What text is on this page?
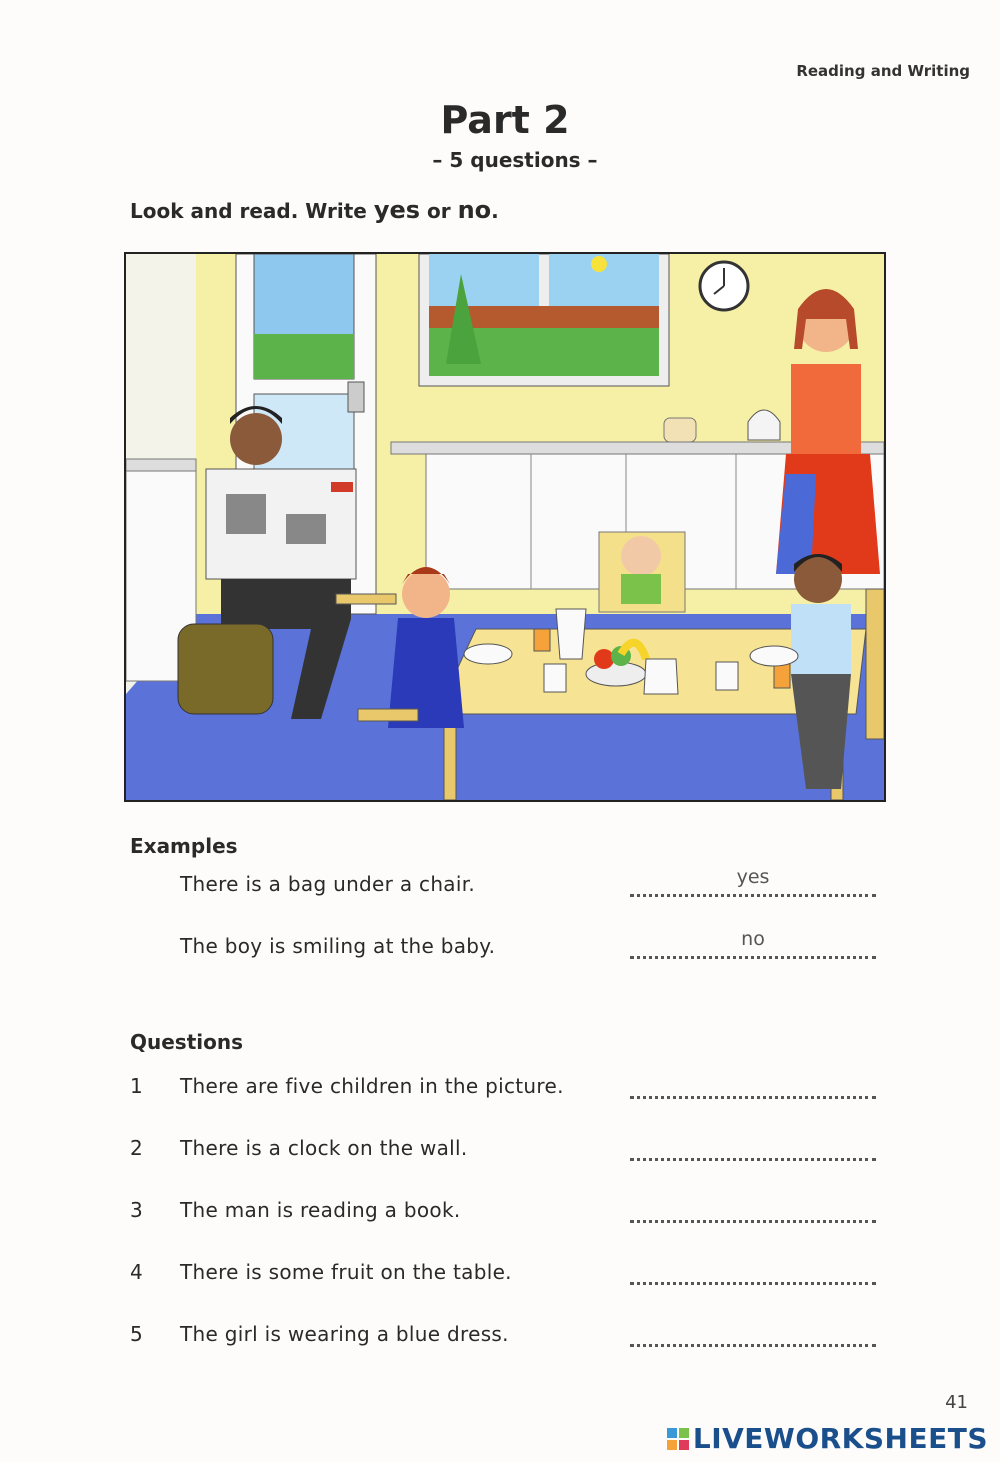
Reading and Writing
Part 2
– 5 questions –
Look and read. Write yes or no.
Examples
There is a bag under a chair.	yes
The boy is smiling at the baby.	no
Questions
1 There are five children in the picture.
2 There is a clock on the wall.
3 The man is reading a book.
4 There is some fruit on the table.
5 The girl is wearing a blue dress.
41
LIVEWORKSHEETS
